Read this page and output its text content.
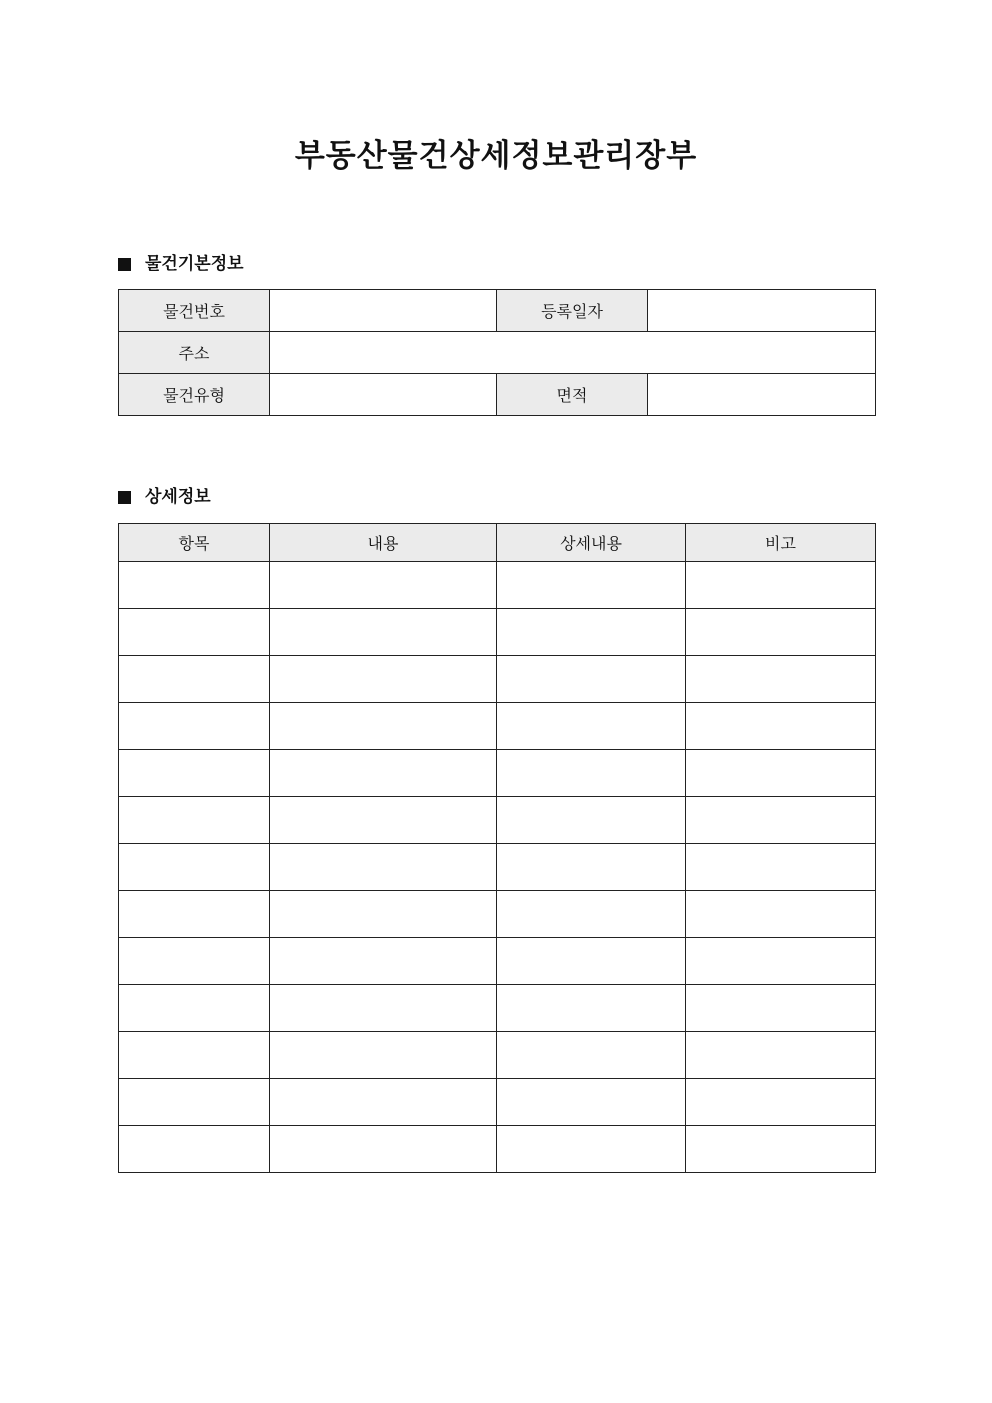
부동산물건상세정보관리장부
물건기본정보
물건번호		등록일자	
주소			
물건유형		면적	
상세정보
항목	내용	상세내용	비고
